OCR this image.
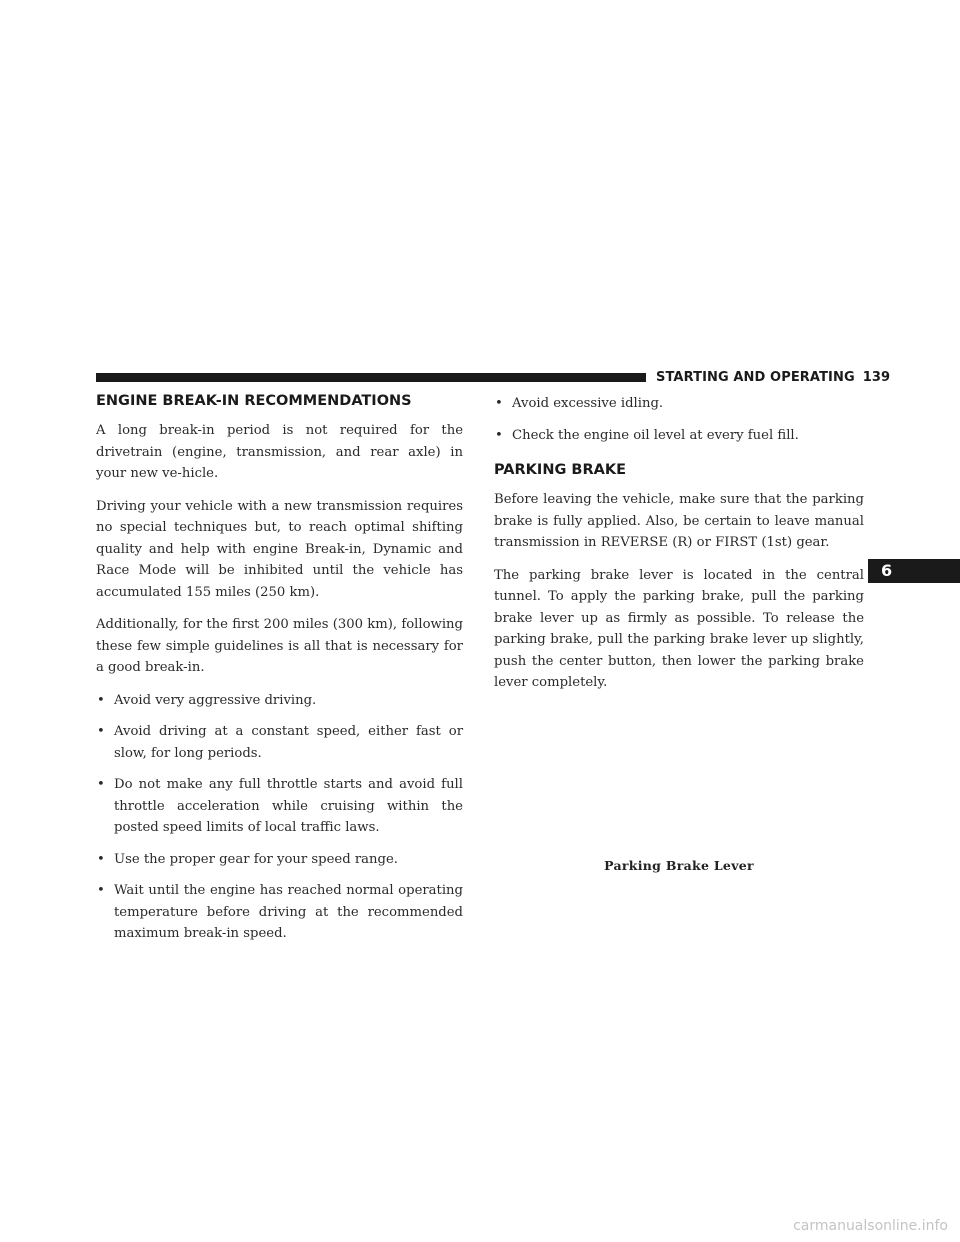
STARTING AND OPERATING 139
6
ENGINE BREAK-IN RECOMMENDATIONS

A long break-in period is not required for the drivetrain (engine, transmission, and rear axle) in your new ve-hicle.

Driving your vehicle with a new transmission requires no special techniques but, to reach optimal shifting quality and help with engine Break-in, Dynamic and Race Mode will be inhibited until the vehicle has accumulated 155 miles (250 km).

Additionally, for the first 200 miles (300 km), following these few simple guidelines is all that is necessary for a good break-in.

• Avoid very aggressive driving.
• Avoid driving at a constant speed, either fast or slow, for long periods.
• Do not make any full throttle starts and avoid full throttle acceleration while cruising within the posted speed limits of local traffic laws.
• Use the proper gear for your speed range.
• Wait until the engine has reached normal operating temperature before driving at the recommended maximum break-in speed.
• Avoid excessive idling.
• Check the engine oil level at every fuel fill.
PARKING BRAKE

Before leaving the vehicle, make sure that the parking brake is fully applied. Also, be certain to leave manual transmission in REVERSE (R) or FIRST (1st) gear.

The parking brake lever is located in the central tunnel. To apply the parking brake, pull the parking brake lever up as firmly as possible. To release the parking brake, pull the parking brake lever up slightly, push the center button, then lower the parking brake lever completely.

Parking Brake Lever
carmanualsonline.info
